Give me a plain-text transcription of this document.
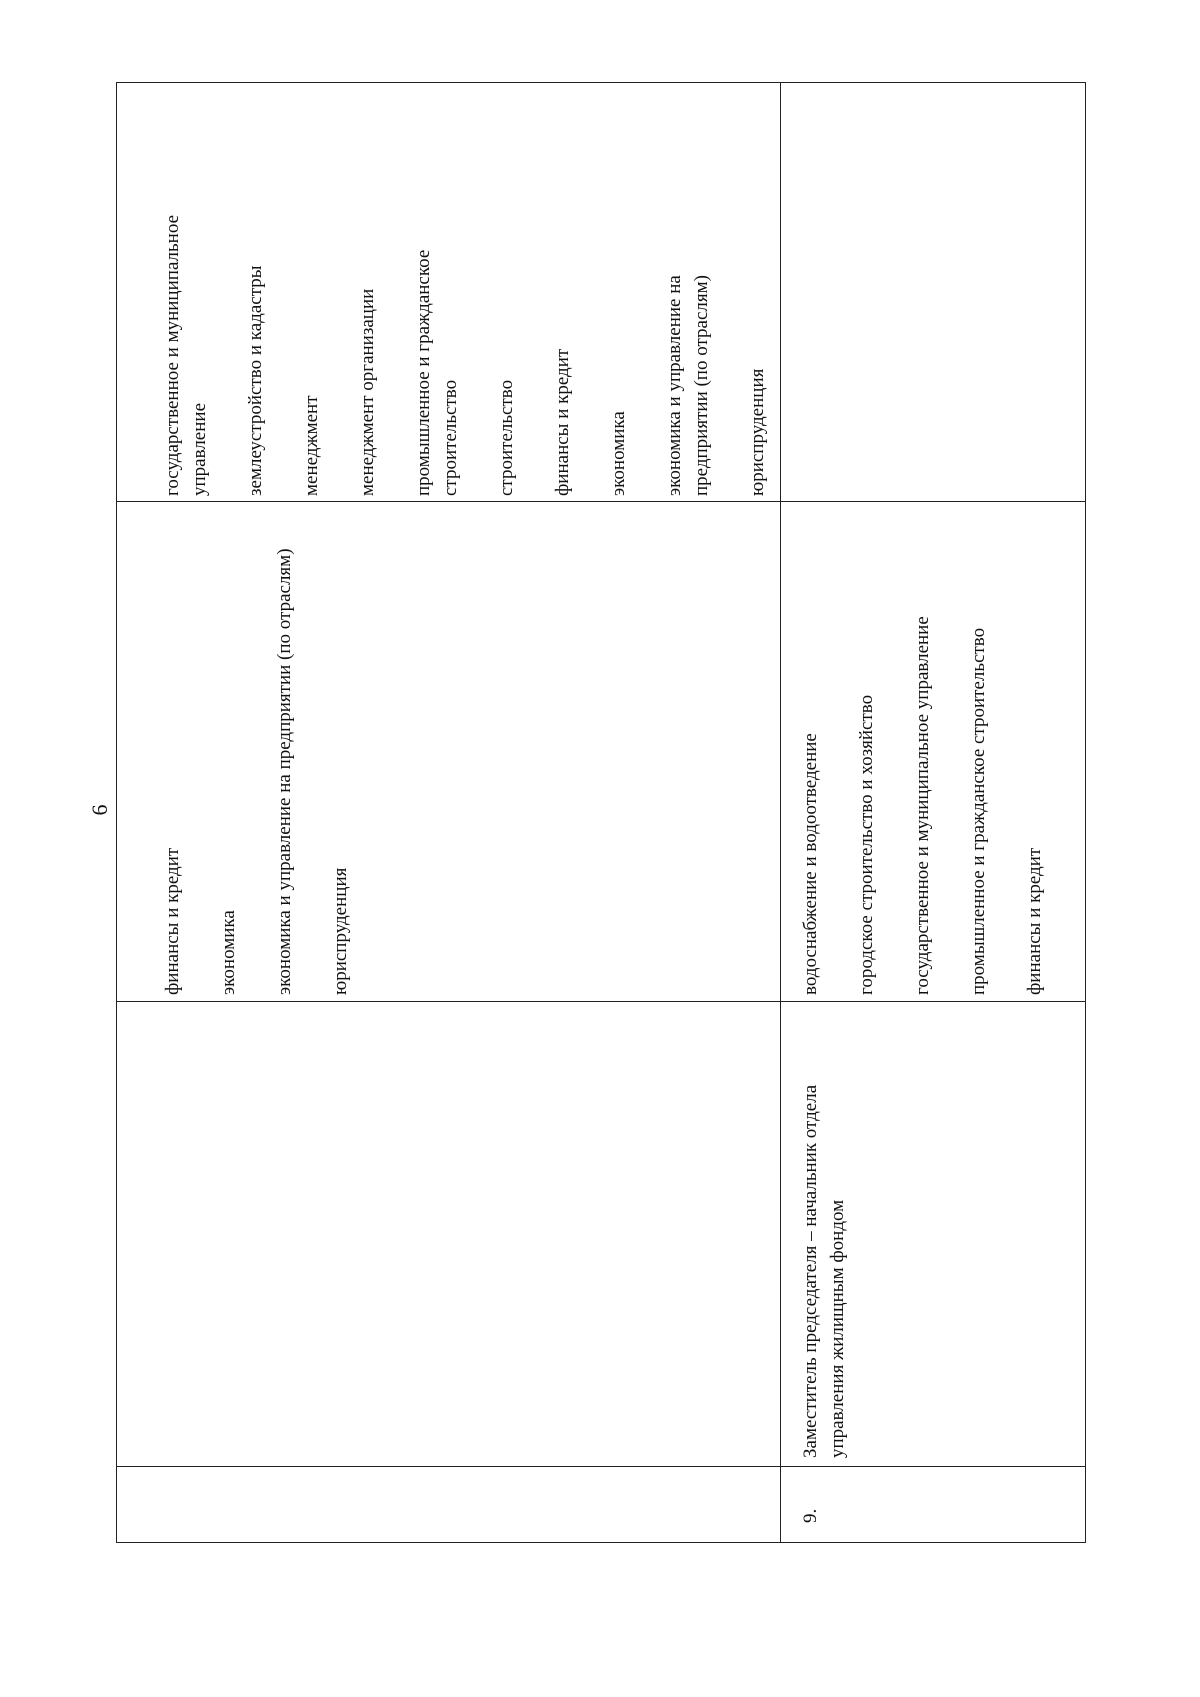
6
финансы и кредит экономика экономика и управление на предприятии (по отраслям) юриспруденция
государственное и муниципальное управление землеустройство и кадастры менеджмент менеджмент организации промышленное и гражданское строительство строительство финансы и кредит экономика экономика и управление на предприятии (по отраслям) юриспруденция
9.
Заместитель председателя – начальник отдела управления жилищным фондом
водоснабжение и водоотведение городское строительство и хозяйство государственное и муниципальное управление промышленное и гражданское строительство финансы и кредит
